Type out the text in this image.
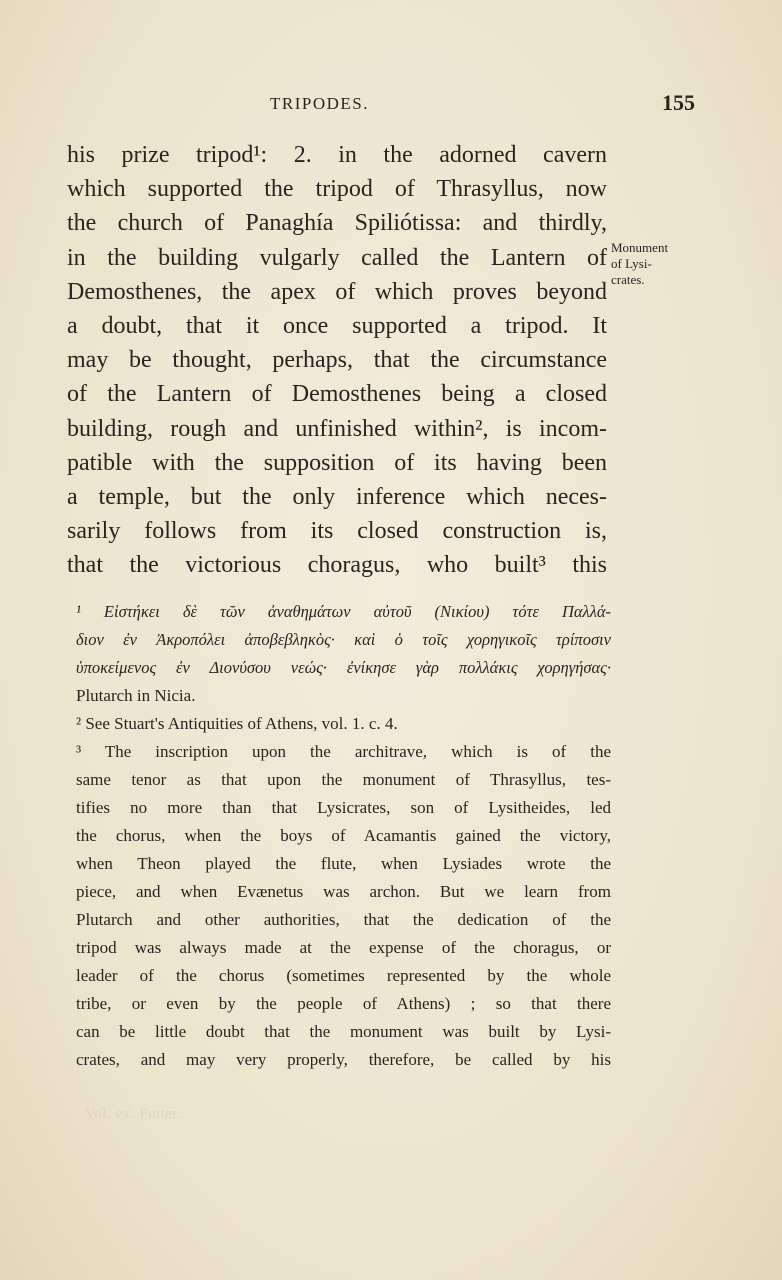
TRIPODES.	155
his prize tripod¹: 2. in the adorned cavern
which supported the tripod of Thrasyllus, now
the church of Panaghía Spiliótissa: and thirdly,
in the building vulgarly called the Lantern of
Demosthenes, the apex of which proves beyond
a doubt, that it once supported a tripod. It
may be thought, perhaps, that the circumstance
of the Lantern of Demosthenes being a closed
building, rough and unfinished within², is incom-
patible with the supposition of its having been
a temple, but the only inference which neces-
sarily follows from its closed construction is,
that the victorious choragus, who built³ this
Monument
of Lysi-
crates.
¹ Εἱστήκει δὲ τῶν ἀναθημάτων αὐτοῦ (Νικίου) τότε Παλλά-
διον ἐν Ἀκροπόλει ἀποβεβληκὸς· καὶ ὁ τοῖς χορηγικοῖς τρίποσιν
ὑποκείμενος ἐν Διονύσου νεώς· ἐνίκησε γὰρ πολλάκις χορηγήσας·
Plutarch in Nicia.
² See Stuart's Antiquities of Athens, vol. 1. c. 4.
³ The inscription upon the architrave, which is of the
same tenor as that upon the monument of Thrasyllus, tes-
tifies no more than that Lysicrates, son of Lysitheides, led
the chorus, when the boys of Acamantis gained the victory,
when Theon played the flute, when Lysiades wrote the
piece, and when Evænetus was archon. But we learn from
Plutarch and other authorities, that the dedication of the
tripod was always made at the expense of the choragus, or
leader of the chorus (sometimes represented by the whole
tribe, or even by the people of Athens) ; so that there
can be little doubt that the monument was built by Lysi-
crates, and may very properly, therefore, be called by his
Vol. ex. Potter.
